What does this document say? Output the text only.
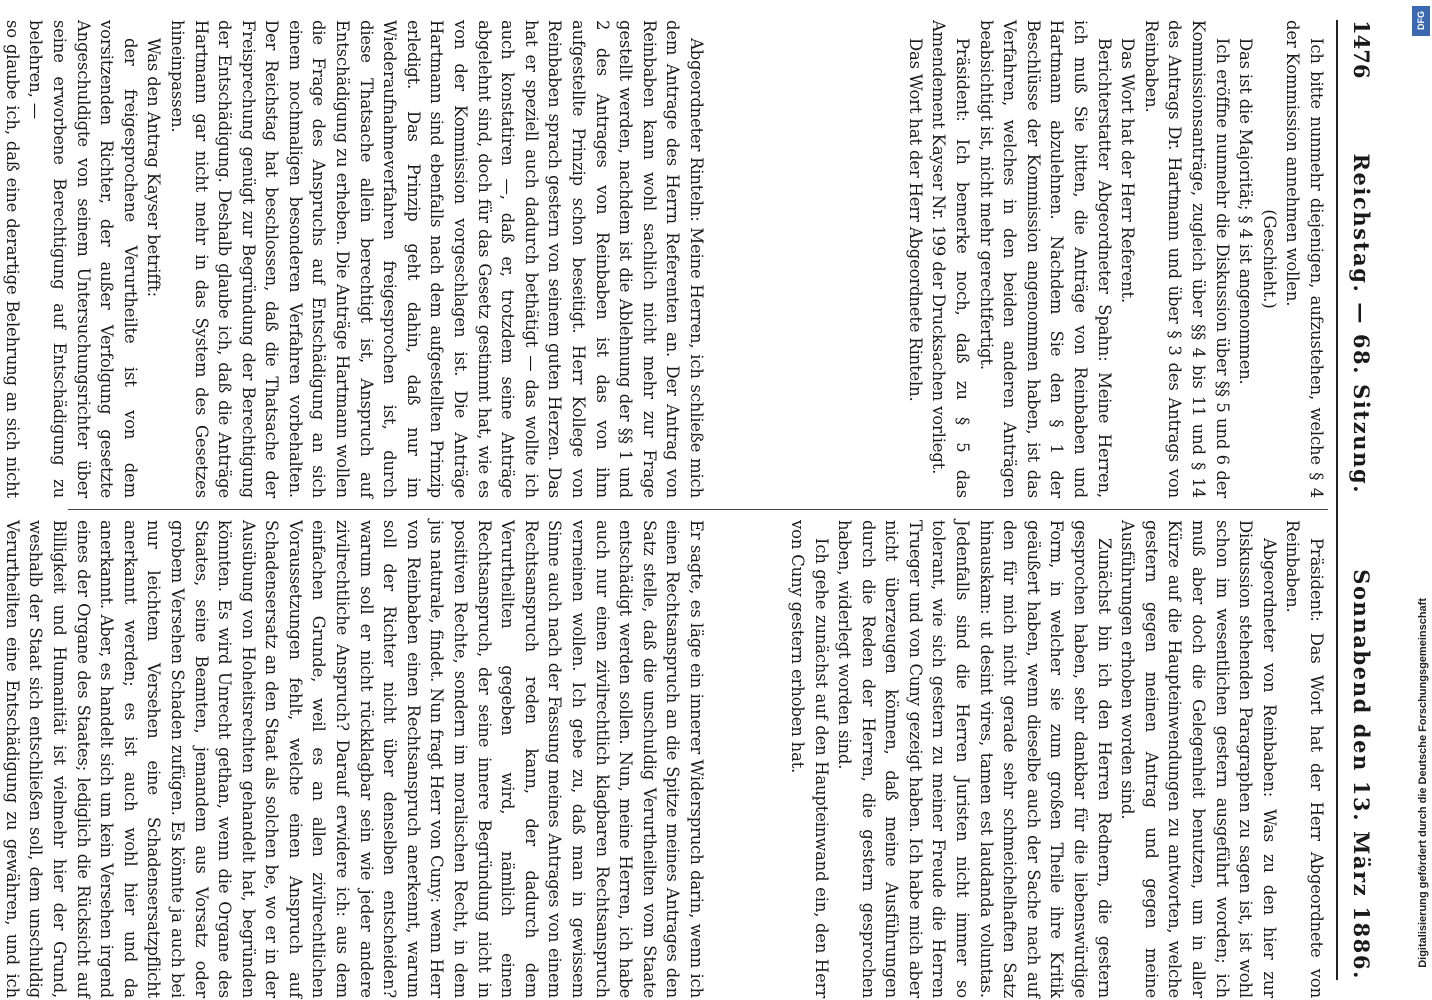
1476
Reichstag. — 68. Sitzung.
Sonnabend den 13. März 1886.

Ich bitte nunmehr diejenigen, aufzustehen, welche § 4 der Kommission annehmen wollen.

(Geschieht.)

Das ist die Majorität; § 4 ist angenommen.

Ich eröffne nunmehr die Diskussion über §§ 5 und 6 der Kommissionsanträge, zugleich über §§ 4 bis 11 und § 14 des Antrags Dr. Hartmann und über § 3 des Antrags von Reinbaben.

Das Wort hat der Herr Referent.

Berichterstatter Abgeordneter Spahn: Meine Herren, ich muß Sie bitten, die Anträge von Reinbaben und Hartmann abzulehnen. Nachdem Sie den § 1 der Beschlüsse der Kommission angenommen haben, ist das Verfahren, welches in den beiden anderen Anträgen beabsichtigt ist, nicht mehr gerechtfertigt.

Präsident: Ich bemerke noch, daß zu § 5 das Amendement Kayser Nr. 199 der Drucksachen vorliegt.

Das Wort hat der Herr Abgeordnete Rinteln.

Abgeordneter Rinteln: Meine Herren, ich schließe mich dem Antrage des Herrn Referenten an. Der Antrag von Reinbaben kann wohl sachlich nicht mehr zur Frage gestellt werden, nachdem ist die Ablehnung der §§ 1 und 2 des Antrages von Reinbaben ist das von ihm aufgestellte Prinzip schon beseitigt. Herr Kollege von Reinbaben sprach gestern von seinem guten Herzen. Das hat er speziell auch dadurch bethätigt — das wollte ich auch konstatiren —, daß er, trotzdem seine Anträge abgelehnt sind, doch für das Gesetz gestimmt hat, wie es von der Kommission vorgeschlagen ist. Die Anträge Hartmann sind ebenfalls nach dem aufgestellten Prinzip erledigt. Das Prinzip geht dahin, daß nur im Wiederaufnahmeverfahren freigesprochen ist, durch diese Thatsache allein berechtigt ist, Anspruch auf Entschädigung zu erheben. Die Anträge Hartmann wollen die Frage des Anspruchs auf Entschädigung an sich einem nochmaligen besonderen Verfahren vorbehalten. Der Reichstag hat beschlossen, daß die Thatsache der Freisprechung genügt zur Begründung der Berechtigung der Entschädigung. Deshalb glaube ich, daß die Anträge Hartmann gar nicht mehr in das System des Gesetzes hineinpassen.

Was den Antrag Kayser betrifft:

der freigesprochene Verurtheilte ist von dem vorsitzenden Richter, der außer Verfolgung gesetzte Angeschuldigte von seinem Untersuchungsrichter über seine erworbene Berechtigung auf Entschädigung zu belehren, —

so glaube ich, daß eine derartige Belehrung an sich nicht

Präsident: Das Wort hat der Herr Abgeordnete von Reinbaben.

Abgeordneter von Reinbaben: Was zu den hier zur Diskussion stehenden Paragraphen zu sagen ist, ist wohl schon im wesentlichen gestern ausgeführt worden; ich muß aber doch die Gelegenheit benutzen, um in aller Kürze auf die Haupteinwendungen zu antworten, welche gestern gegen meinen Antrag und gegen meine Ausführungen erhoben worden sind.

Zunächst bin ich den Herren Rednern, die gestern gesprochen haben, sehr dankbar für die liebenswürdige Form, in welcher sie zum großen Theile ihre Kritik geäußert haben, wenn dieselbe auch der Sache nach auf den für mich nicht gerade sehr schmeichelhaften Satz hinauskam: ut desint vires, tamen est laudanda voluntas. Jedenfalls sind die Herren Juristen nicht immer so tolerant, wie sich gestern zu meiner Freude die Herren Trueger und von Cuny gezeigt haben. Ich habe mich aber nicht überzeugen können, daß meine Ausführungen durch die Reden der Herren, die gestern gesprochen haben, widerlegt worden sind.

Ich gehe zunächst auf den Haupteinwand ein, den Herr von Cuny gestern erhoben hat.

Er sagte, es läge ein innerer Widerspruch darin, wenn ich einen Rechtsanspruch an die Spitze meines Antrages den Satz stelle, daß die unschuldig Verurtheilten vom Staate entschädigt werden sollen. Nun, meine Herren, ich habe auch nur einen zivilrechtlich klagbaren Rechtsanspruch verneinen wollen. Ich gebe zu, daß man in gewissem Sinne auch nach der Fassung meines Antrages von einem Rechtsanspruch reden kann, der dadurch dem Verurtheilten gegeben wird, nämlich einen Rechtsanspruch, der seine innere Begründung nicht in positiven Rechte, sondern im moralischen Recht, in dem jus naturale, findet. Nun fragt Herr von Cuny: wenn Herr von Reinbaben einen Rechtsanspruch anerkennt, warum soll der Richter nicht über denselben entscheiden? warum soll er nicht rückklagbar sein wie jeder andere zivilrechtliche Anspruch? Darauf erwidere ich: aus dem einfachen Grunde, weil es an allen zivilrechtlichen Voraussetzungen fehlt, welche einen Anspruch auf Schadensersatz an den Staat als solchen be, wo er in der Ausübung von Hoheitsrechten gehandelt hat, begründen könnten. Es wird Unrecht gethan, wenn die Organe des Staates, seine Beamten, jemandem aus Vorsatz oder grobem Versehen Schaden zufügen. Es könnte ja auch bei nur leichtem Versehen eine Schadensersatzpflicht anerkannt werden; es ist auch wohl hier und da anerkannt. Aber, es handelt sich um kein Versehen irgend eines der Organe des Staates; lediglich die Rücksicht auf Billigkeit und Humanität ist vielmehr hier der Grund, weshalb der Staat sich entschließen soll, dem unschuldig Verurtheilten eine Entschädigung zu gewähren, und ich

DFG
Digitalisierung gefördert durch die Deutsche Forschungsgemeinschaft
